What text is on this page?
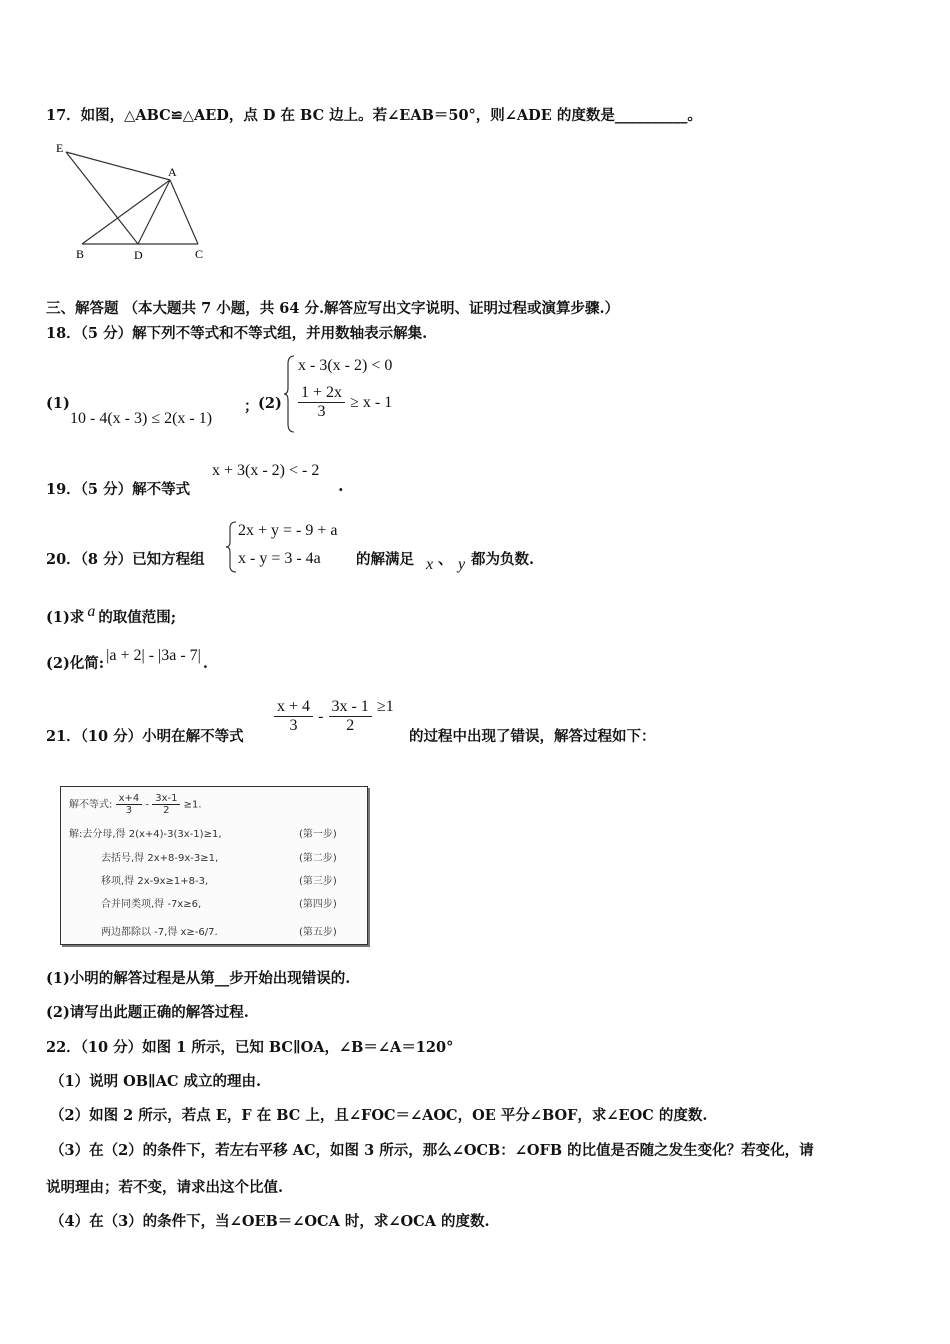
17．如图，△ABC≌△AED，点 D 在 BC 边上。若∠EAB＝50°，则∠ADE 的度数是__________。
E
A
B	D	C
三、解答题 （本大题共 7 小题，共 64 分.解答应写出文字说明、证明过程或演算步骤.）
18．（5 分）解下列不等式和不等式组，并用数轴表示解集.
(1)
10 - 4(x - 3) ≤ 2(x - 1)
； (2)
x - 3(x - 2) < 0
$\frac{1 + 2x}{3} \ge x - 1$
19．（5 分）解不等式
x + 3(x - 2) < - 2
.
20．（8 分）已知方程组
2x + y = - 9 + a
x - y = 3 - 4a 的解满足 x 、 y 都为负数.
(1)求 a 的取值范围;
(2)化简: |a + 2| - |3a - 7| .
21．（10 分）小明在解不等式
$\frac{x + 4}{3} - \frac{3x - 1}{2} \ge 1$
的过程中出现了错误，解答过程如下：
解不等式: $\frac{x+4}{3} - \frac{3x-1}{2} \ge 1$.
解:去分母,得 2(x+4)-3(3x-1)≥1,	(第一步)
去括号,得 2x+8-9x-3≥1,	(第二步)
移项,得 2x-9x≥1+8-3,	(第三步)
合并同类项,得 -7x≥6,	(第四步)
两边都除以 -7,得 x≥-6/7.	(第五步)
(1)小明的解答过程是从第__步开始出现错误的.
(2)请写出此题正确的解答过程.
22．（10 分）如图 1 所示，已知 BC∥OA，∠B＝∠A＝120°
（1）说明 OB∥AC 成立的理由.
（2）如图 2 所示，若点 E，F 在 BC 上，且∠FOC＝∠AOC，OE 平分∠BOF，求∠EOC 的度数.
（3）在（2）的条件下，若左右平移 AC，如图 3 所示，那么∠OCB：∠OFB 的比值是否随之发生变化？若变化，请
说明理由；若不变，请求出这个比值.
（4）在（3）的条件下，当∠OEB＝∠OCA 时，求∠OCA 的度数.
